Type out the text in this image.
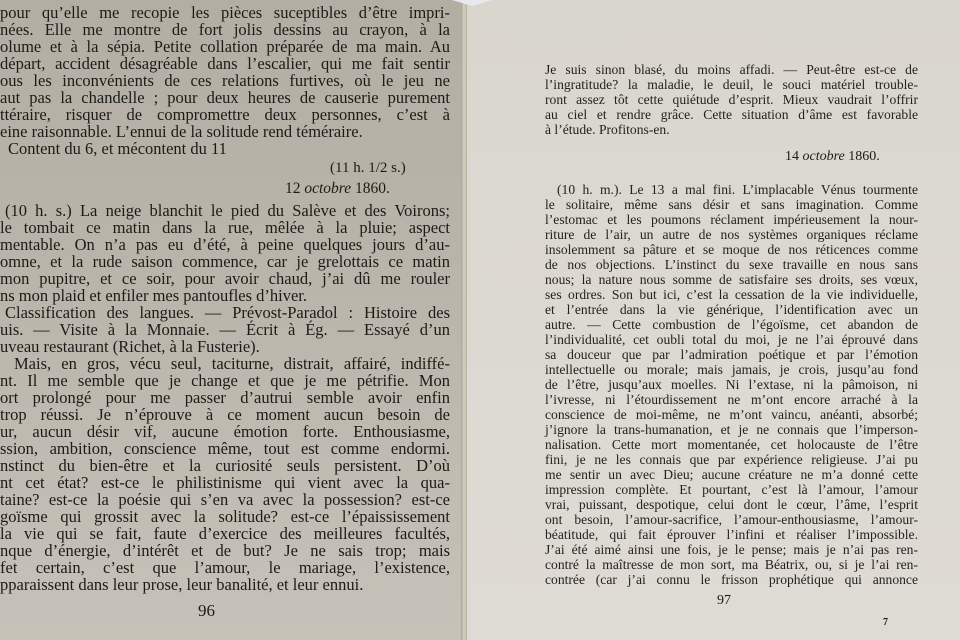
pour qu’elle me recopie les pièces suceptibles d’être impri-
nées. Elle me montre de fort jolis dessins au crayon, à la
olume et à la sépia. Petite collation préparée de ma main. Au
départ, accident désagréable dans l’escalier, qui me fait sentir
ous les inconvénients de ces relations furtives, où le jeu ne
aut pas la chandelle ; pour deux heures de causerie purement
ttéraire, risquer de compromettre deux personnes, c’est à
eine raisonnable. L’ennui de la solitude rend téméraire.
Content du 6, et mécontent du 11
(10 h. s.) La neige blanchit le pied du Salève et des Voirons;
le tombait ce matin dans la rue, mêlée à la pluie; aspect
mentable. On n’a pas eu d’été, à peine quelques jours d’au-
omne, et la rude saison commence, car je grelottais ce matin
mon pupitre, et ce soir, pour avoir chaud, j’ai dû me rouler
ns mon plaid et enfiler mes pantoufles d’hiver.
Classification des langues. — Prévost-Paradol : Histoire des
uis. — Visite à la Monnaie. — Écrit à Ég. — Essayé d’un
uveau restaurant (Richet, à la Fusterie).
Mais, en gros, vécu seul, taciturne, distrait, affairé, indiffé-
nt. Il me semble que je change et que je me pétrifie. Mon
ort prolongé pour me passer d’autrui semble avoir enfin
trop réussi. Je n’éprouve à ce moment aucun besoin de
ur, aucun désir vif, aucune émotion forte. Enthousiasme,
ssion, ambition, conscience même, tout est comme endormi.
nstinct du bien-être et la curiosité seuls persistent. D’où
nt cet état? est-ce le philistinisme qui vient avec la qua-
taine? est-ce la poésie qui s’en va avec la possession? est-ce
goïsme qui grossit avec la solitude? est-ce l’épaississement
la vie qui se fait, faute d’exercice des meilleures facultés,
nque d’énergie, d’intérêt et de but? Je ne sais trop; mais
fet certain, c’est que l’amour, le mariage, l’existence,
pparaissent dans leur prose, leur banalité, et leur ennui.
(11 h. 1/2 s.)
12 octobre 1860.
96
Je suis sinon blasé, du moins affadi. — Peut-être est-ce de
l’ingratitude? la maladie, le deuil, le souci matériel trouble-
ront assez tôt cette quiétude d’esprit. Mieux vaudrait l’offrir
au ciel et rendre grâce. Cette situation d’âme est favorable
à l’étude. Profitons-en.
(10 h. m.). Le 13 a mal fini. L’implacable Vénus tourmente
le solitaire, même sans désir et sans imagination. Comme
l’estomac et les poumons réclament impérieusement la nour-
riture de l’air, un autre de nos systèmes organiques réclame
insolemment sa pâture et se moque de nos réticences comme
de nos objections. L’instinct du sexe travaille en nous sans
nous; la nature nous somme de satisfaire ses droits, ses vœux,
ses ordres. Son but ici, c’est la cessation de la vie individuelle,
et l’entrée dans la vie générique, l’identification avec un
autre. — Cette combustion de l’égoïsme, cet abandon de
l’individualité, cet oubli total du moi, je ne l’ai éprouvé dans
sa douceur que par l’admiration poétique et par l’émotion
intellectuelle ou morale; mais jamais, je crois, jusqu’au fond
de l’être, jusqu’aux moelles. Ni l’extase, ni la pâmoison, ni
l’ivresse, ni l’étourdissement ne m’ont encore arraché à la
conscience de moi-même, ne m’ont vaincu, anéanti, absorbé;
j’ignore la trans-humanation, et je ne connais que l’imperson-
nalisation. Cette mort momentanée, cet holocauste de l’être
fini, je ne les connais que par expérience religieuse. J’ai pu
me sentir un avec Dieu; aucune créature ne m’a donné cette
impression complète. Et pourtant, c’est là l’amour, l’amour
vrai, puissant, despotique, celui dont le cœur, l’âme, l’esprit
ont besoin, l’amour-sacrifice, l’amour-enthousiasme, l’amour-
béatitude, qui fait éprouver l’infini et réaliser l’impossible.
J’ai été aimé ainsi une fois, je le pense; mais je n’ai pas ren-
contré la maîtresse de mon sort, ma Béatrix, ou, si je l’ai ren-
contrée (car j’ai connu le frisson prophétique qui annonce
14 octobre 1860.
97
7
